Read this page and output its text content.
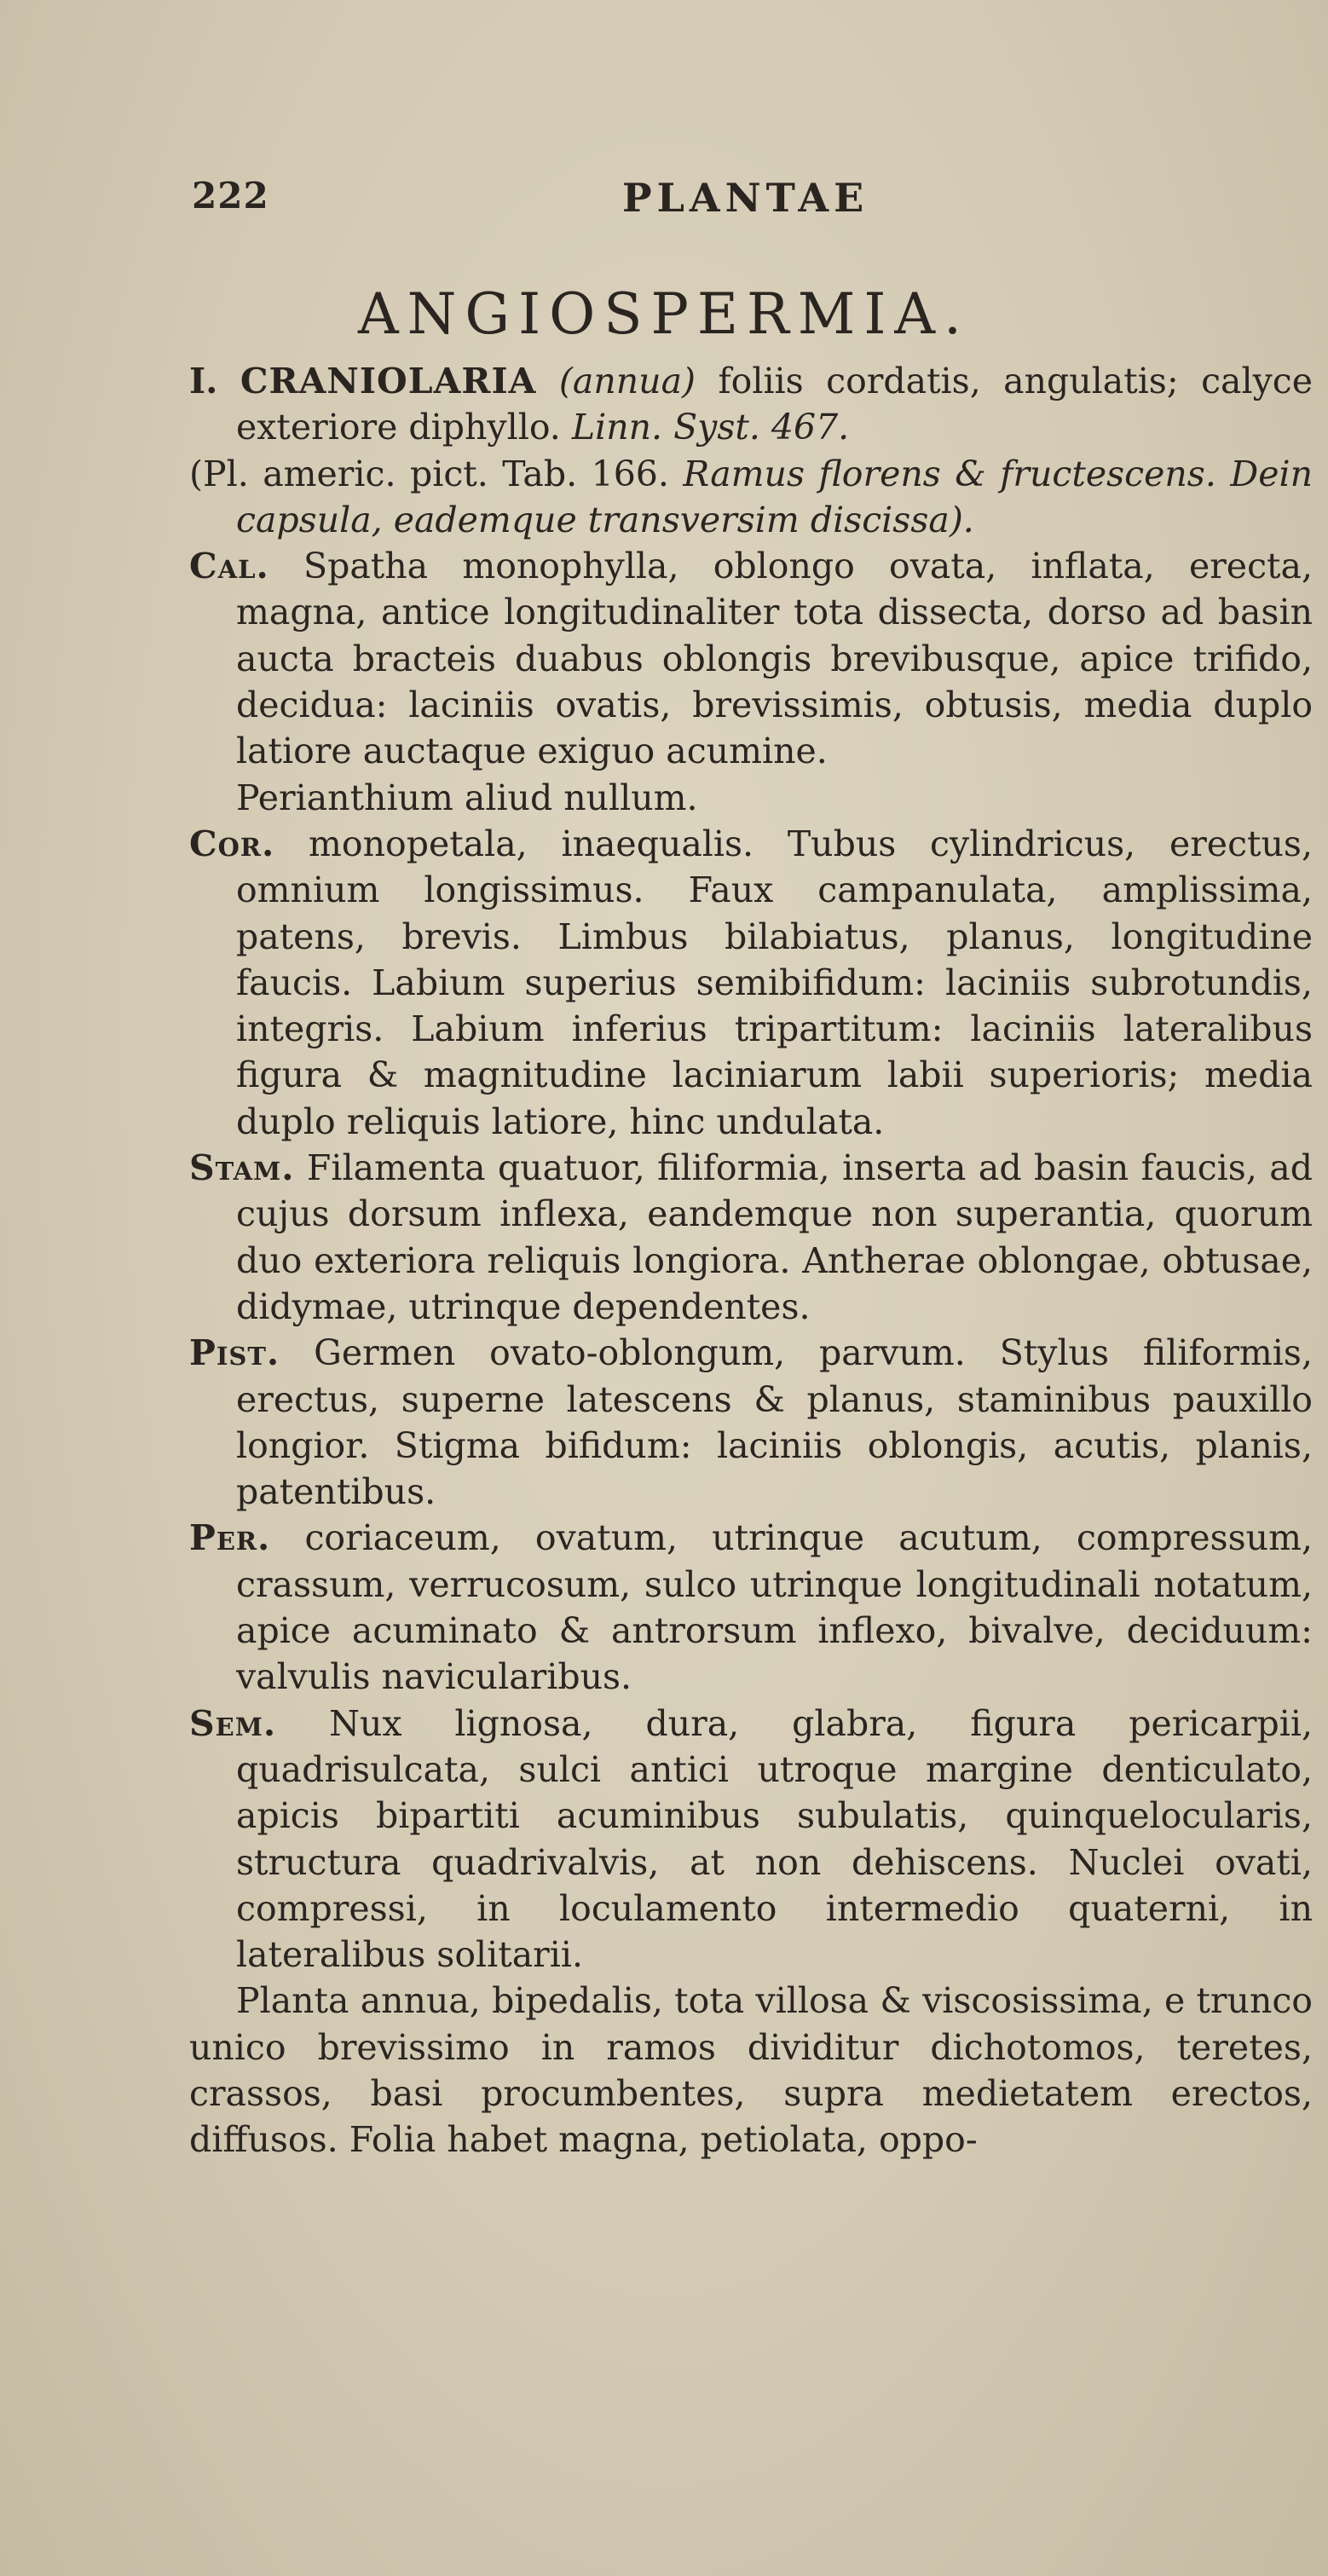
222	PLANTAE
ANGIOSPERMIA.

I. CRANIOLARIA (annua) foliis cordatis, angulatis; calyce exteriore diphyllo. Linn. Syst. 467.

(Pl. americ. pict. Tab. 166. Ramus florens & fructescens. Dein capsula, eademque transversim discissa).

Cal. Spatha monophylla, oblongo ovata, inflata, erecta, magna, antice longitudinaliter tota dissecta, dorso ad basin aucta bracteis duabus oblongis brevibusque, apice trifido, decidua: laciniis ovatis, brevissimis, obtusis, media duplo latiore auctaque exiguo acumine.

Perianthium aliud nullum.

Cor. monopetala, inaequalis. Tubus cylindricus, erectus, omnium longissimus. Faux campanulata, amplissima, patens, brevis. Limbus bilabiatus, planus, longitudine faucis. Labium superius semibifidum: laciniis subrotundis, integris. Labium inferius tripartitum: laciniis lateralibus figura & magnitudine laciniarum labii superioris; media duplo reliquis latiore, hinc undulata.

Stam. Filamenta quatuor, filiformia, inserta ad basin faucis, ad cujus dorsum inflexa, eandemque non superantia, quorum duo exteriora reliquis longiora. Antherae oblongae, obtusae, didymae, utrinque dependentes.

Pist. Germen ovato-oblongum, parvum. Stylus filiformis, erectus, superne latescens & planus, staminibus pauxillo longior. Stigma bifidum: laciniis oblongis, acutis, planis, patentibus.

Per. coriaceum, ovatum, utrinque acutum, compressum, crassum, verrucosum, sulco utrinque longitudinali notatum, apice acuminato & antrorsum inflexo, bivalve, deciduum: valvulis navicularibus.

Sem. Nux lignosa, dura, glabra, figura pericarpii, quadrisulcata, sulci antici utroque margine denticulato, apicis bipartiti acuminibus subulatis, quinquelocularis, structura quadrivalvis, at non dehiscens. Nuclei ovati, compressi, in loculamento intermedio quaterni, in lateralibus solitarii.

Planta annua, bipedalis, tota villosa & viscosissima, e trunco unico brevissimo in ramos dividitur dichotomos, teretes, crassos, basi procumbentes, supra medietatem erectos, diffusos. Folia habet magna, petiolata, oppo-
